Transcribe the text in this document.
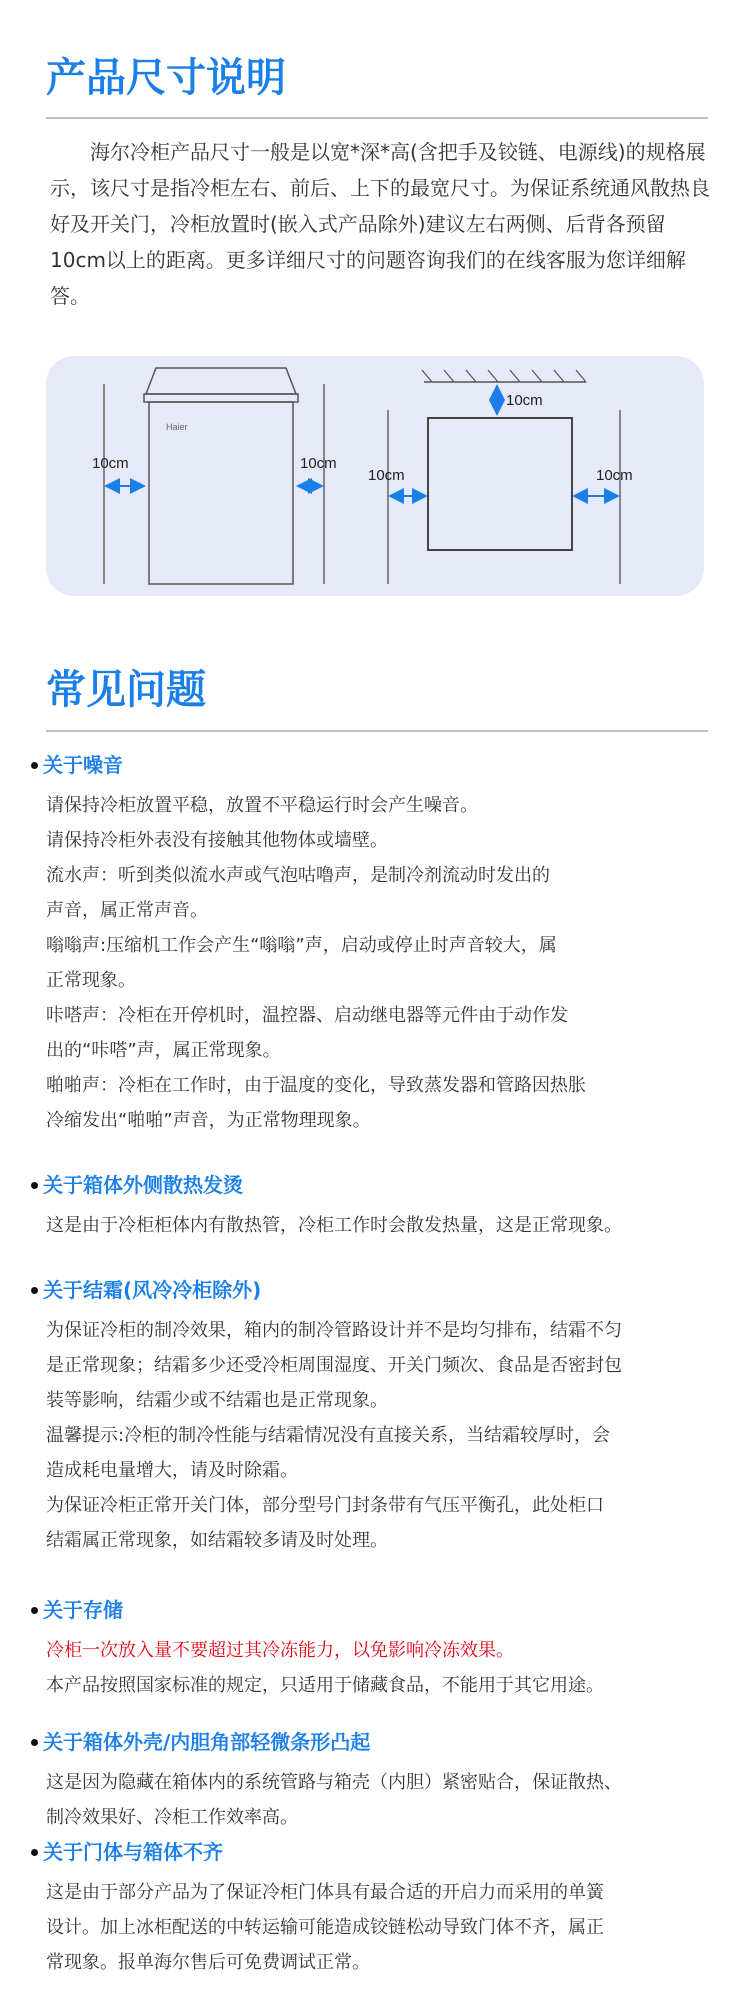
产品尺寸说明

海尔冷柜产品尺寸一般是以宽*深*高(含把手及铰链、电源线)的规格展示，该尺寸是指冷柜左右、前后、上下的最宽尺寸。为保证系统通风散热良好及开关门，冷柜放置时(嵌入式产品除外)建议左右两侧、后背各预留10cm以上的距离。更多详细尺寸的问题咨询我们的在线客服为您详细解答。

Haier
10cm	10cm
10cm
10cm	10cm
常见问题
关于噪音

请保持冷柜放置平稳，放置不平稳运行时会产生噪音。

请保持冷柜外表没有接触其他物体或墙壁。

流水声：听到类似流水声或气泡咕噜声，是制冷剂流动时发出的

声音，属正常声音。

嗡嗡声:压缩机工作会产生“嗡嗡”声，启动或停止时声音较大，属

正常现象。

咔嗒声：冷柜在开停机时，温控器、启动继电器等元件由于动作发

出的“咔嗒”声，属正常现象。

啪啪声：冷柜在工作时，由于温度的变化，导致蒸发器和管路因热胀

冷缩发出“啪啪”声音，为正常物理现象。

关于箱体外侧散热发烫

这是由于冷柜柜体内有散热管，冷柜工作时会散发热量，这是正常现象。

关于结霜(风冷冷柜除外)

为保证冷柜的制冷效果，箱内的制冷管路设计并不是均匀排布，结霜不匀

是正常现象；结霜多少还受冷柜周围湿度、开关门频次、食品是否密封包

装等影响，结霜少或不结霜也是正常现象。

温馨提示:冷柜的制冷性能与结霜情况没有直接关系，当结霜较厚时，会

造成耗电量增大，请及时除霜。

为保证冷柜正常开关门体，部分型号门封条带有气压平衡孔，此处柜口

结霜属正常现象，如结霜较多请及时处理。

关于存储

冷柜一次放入量不要超过其冷冻能力，以免影响冷冻效果。

本产品按照国家标准的规定，只适用于储藏食品，不能用于其它用途。

关于箱体外壳/内胆角部轻微条形凸起

这是因为隐藏在箱体内的系统管路与箱壳（内胆）紧密贴合，保证散热、

制冷效果好、冷柜工作效率高。

关于门体与箱体不齐

这是由于部分产品为了保证冷柜门体具有最合适的开启力而采用的单簧

设计。加上冰柜配送的中转运输可能造成铰链松动导致门体不齐，属正

常现象。报单海尔售后可免费调试正常。
